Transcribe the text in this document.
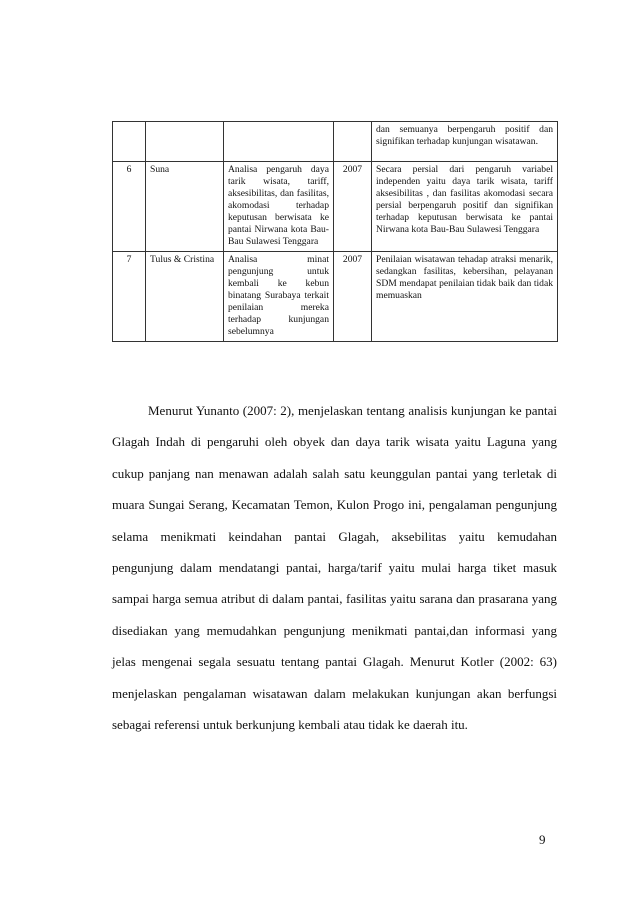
				dan semuanya berpengaruh positif dan signifikan terhadap kunjungan wisatawan.
6	Suna	Analisa pengaruh daya tarik wisata, tariff, aksesibilitas, dan fasilitas, akomodasi terhadap keputusan berwisata ke pantai Nirwana kota Bau-Bau Sulawesi Tenggara	2007	Secara persial dari pengaruh variabel independen yaitu daya tarik wisata, tariff aksesibilitas , dan fasilitas akomodasi secara persial berpengaruh positif dan signifikan terhadap keputusan berwisata ke pantai Nirwana kota Bau-Bau Sulawesi Tenggara
7	Tulus & Cristina	Analisa minat pengunjung untuk kembali ke kebun binatang Surabaya terkait penilaian mereka terhadap kunjungan sebelumnya	2007	Penilaian wisatawan tehadap atraksi menarik, sedangkan fasilitas, kebersihan, pelayanan SDM mendapat penilaian tidak baik dan tidak memuaskan

Menurut Yunanto (2007: 2), menjelaskan tentang analisis kunjungan ke pantai Glagah Indah di pengaruhi oleh obyek dan daya tarik wisata yaitu Laguna yang cukup panjang nan menawan adalah salah satu keunggulan pantai yang terletak di muara Sungai Serang, Kecamatan Temon, Kulon Progo ini, pengalaman pengunjung selama menikmati keindahan pantai Glagah, aksebilitas yaitu kemudahan pengunjung dalam mendatangi pantai, harga/tarif yaitu mulai harga tiket masuk sampai harga semua atribut di dalam pantai, fasilitas yaitu sarana dan prasarana yang disediakan yang memudahkan pengunjung menikmati pantai,dan informasi yang jelas mengenai segala sesuatu tentang pantai Glagah. Menurut Kotler (2002: 63) menjelaskan pengalaman wisatawan dalam melakukan kunjungan akan berfungsi sebagai referensi untuk berkunjung kembali atau tidak ke daerah itu.

9
